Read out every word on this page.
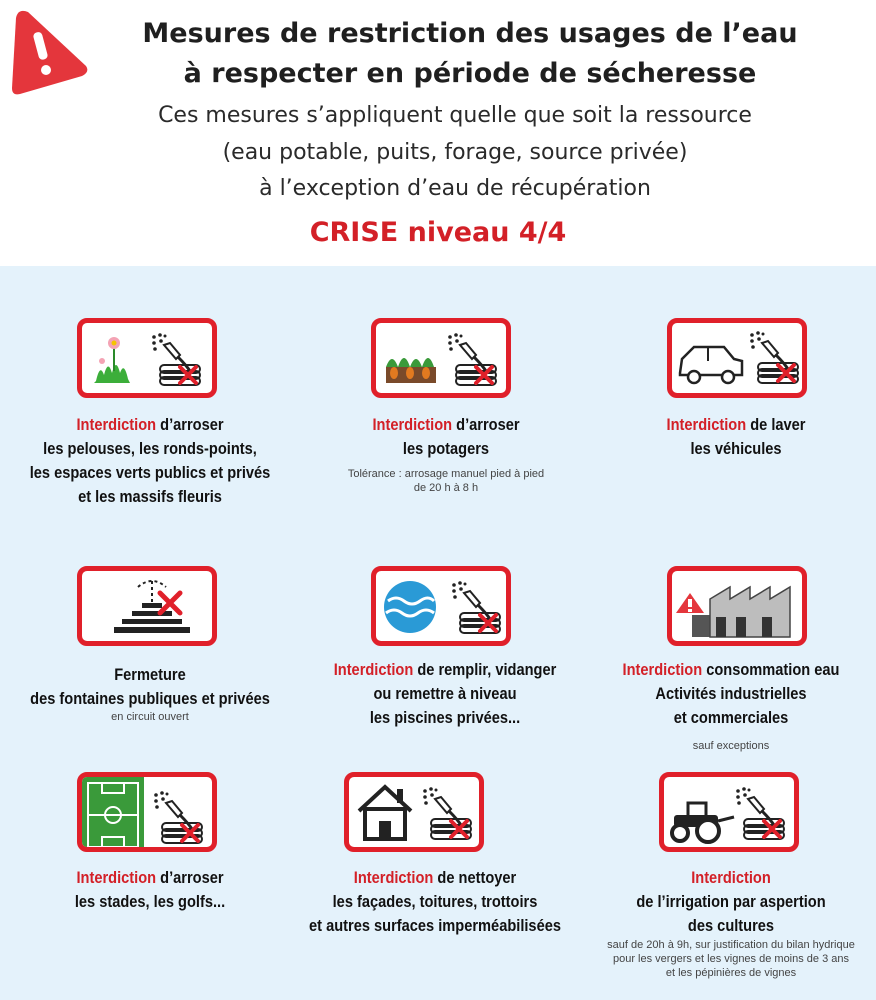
Mesures de restriction des usages de l’eau
à respecter en période de sécheresse
Ces mesures s’appliquent quelle que soit la ressource
(eau potable, puits, forage, source privée)
à l’exception d’eau de récupération
CRISE niveau 4/4
Interdiction d’arroser
les pelouses, les ronds-points,
les espaces verts publics et privés
et les massifs fleuris
Interdiction d’arroser
les potagers
Tolérance : arrosage manuel pied à pied
de 20 h à 8 h
Interdiction de laver
les véhicules
Fermeture
des fontaines publiques et privées
en circuit ouvert
Interdiction de remplir, vidanger
ou remettre à niveau
les piscines privées...
Interdiction consommation eau
Activités industrielles
et commerciales
sauf exceptions
Interdiction d’arroser
les stades, les golfs...
Interdiction de nettoyer
les façades, toitures, trottoirs
et autres surfaces imperméabilisées
Interdiction
de l’irrigation par aspertion
des cultures
sauf de 20h à 9h, sur justification du bilan hydrique
pour les vergers et les vignes de moins de 3 ans
et les pépinières de vignes
